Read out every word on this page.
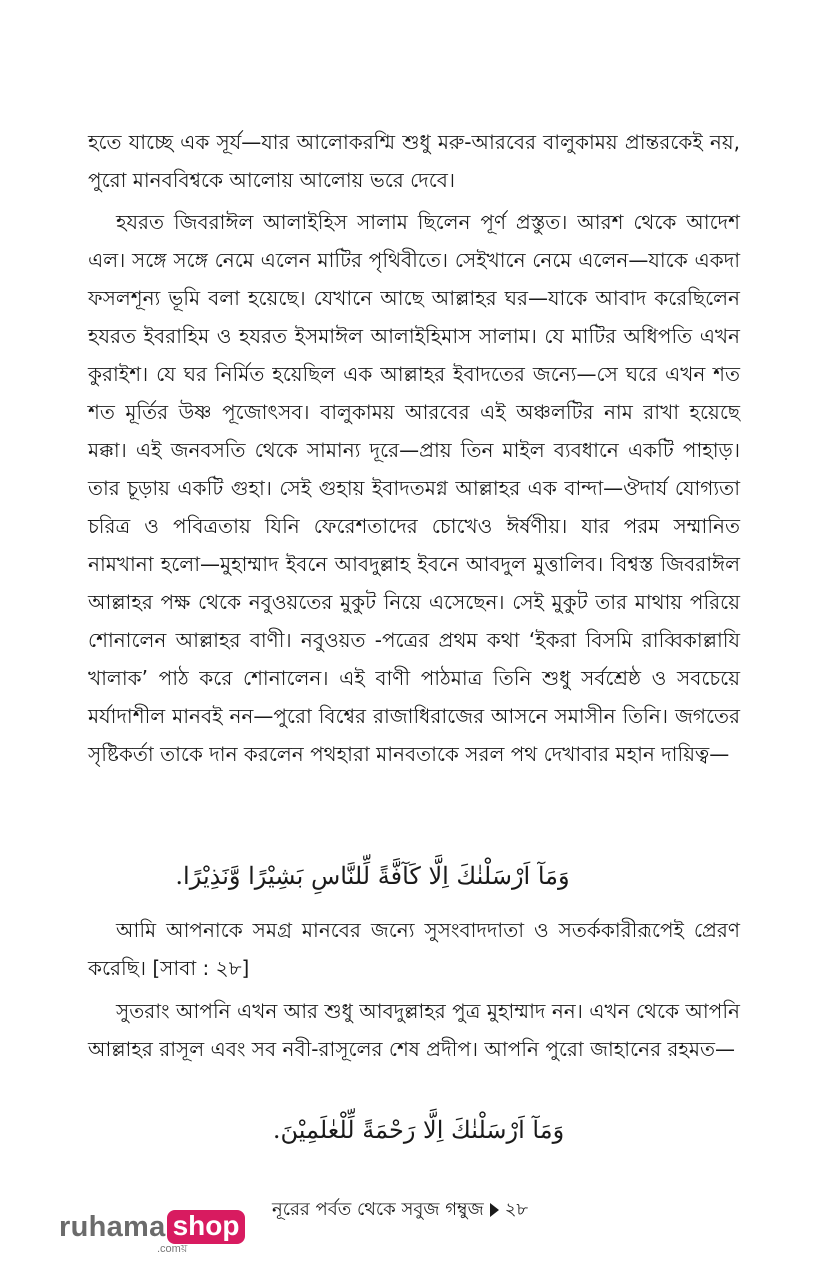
হতে যাচ্ছে এক সূর্য—যার আলোকরশ্মি শুধু মরু-আরবের বালুকাময় প্রান্তরকেই নয়, পুরো মানববিশ্বকে আলোয় আলোয় ভরে দেবে।

হযরত জিবরাঈল আলাইহিস সালাম ছিলেন পূর্ণ প্রস্তুত। আরশ থেকে আদেশ এল। সঙ্গে সঙ্গে নেমে এলেন মাটির পৃথিবীতে। সেইখানে নেমে এলেন—যাকে একদা ফসলশূন্য ভূমি বলা হয়েছে। যেখানে আছে আল্লাহর ঘর—যাকে আবাদ করেছিলেন হযরত ইবরাহিম ও হযরত ইসমাঈল আলাইহিমাস সালাম। যে মাটির অধিপতি এখন কুরাইশ। যে ঘর নির্মিত হয়েছিল এক আল্লাহর ইবাদতের জন্যে—সে ঘরে এখন শত শত মূর্তির উষ্ণ পূজোৎসব। বালুকাময় আরবের এই অঞ্চলটির নাম রাখা হয়েছে মক্কা। এই জনবসতি থেকে সামান্য দূরে—প্রায় তিন মাইল ব্যবধানে একটি পাহাড়। তার চূড়ায় একটি গুহা। সেই গুহায় ইবাদতমগ্ন আল্লাহর এক বান্দা—ঔদার্য যোগ্যতা চরিত্র ও পবিত্রতায় যিনি ফেরেশতাদের চোখেও ঈর্ষণীয়। যার পরম সম্মানিত নামখানা হলো—মুহাম্মাদ ইবনে আবদুল্লাহ ইবনে আবদুল মুত্তালিব। বিশ্বস্ত জিবরাঈল আল্লাহর পক্ষ থেকে নবুওয়তের মুকুট নিয়ে এসেছেন। সেই মুকুট তার মাথায় পরিয়ে শোনালেন আল্লাহর বাণী। নবুওয়ত -পত্রের প্রথম কথা ‘ইকরা বিসমি রাব্বিকাল্লাযি খালাক’ পাঠ করে শোনালেন। এই বাণী পাঠমাত্র তিনি শুধু সর্বশ্রেষ্ঠ ও সবচেয়ে মর্যাদাশীল মানবই নন—পুরো বিশ্বের রাজাধিরাজের আসনে সমাসীন তিনি। জগতের সৃষ্টিকর্তা তাকে দান করলেন পথহারা মানবতাকে সরল পথ দেখাবার মহান দায়িত্ব—

وَمَآ اَرْسَلْنٰكَ اِلَّا كَآفَّةً لِّلنَّاسِ بَشِيْرًا وَّنَذِيْرًا.

আমি আপনাকে সমগ্র মানবের জন্যে সুসংবাদদাতা ও সতর্ককারীরূপেই প্রেরণ করেছি। [সাবা : ২৮]

সুতরাং আপনি এখন আর শুধু আবদুল্লাহর পুত্র মুহাম্মাদ নন। এখন থেকে আপনি আল্লাহর রাসূল এবং সব নবী-রাসূলের শেষ প্রদীপ। আপনি পুরো জাহানের রহমত—

وَمَآ اَرْسَلْنٰكَ اِلَّا رَحْمَةً لِّلْعٰلَمِيْنَ.

নূরের পর্বত থেকে সবুজ গম্বুজ ২৮
ruhama shop
.comয়
